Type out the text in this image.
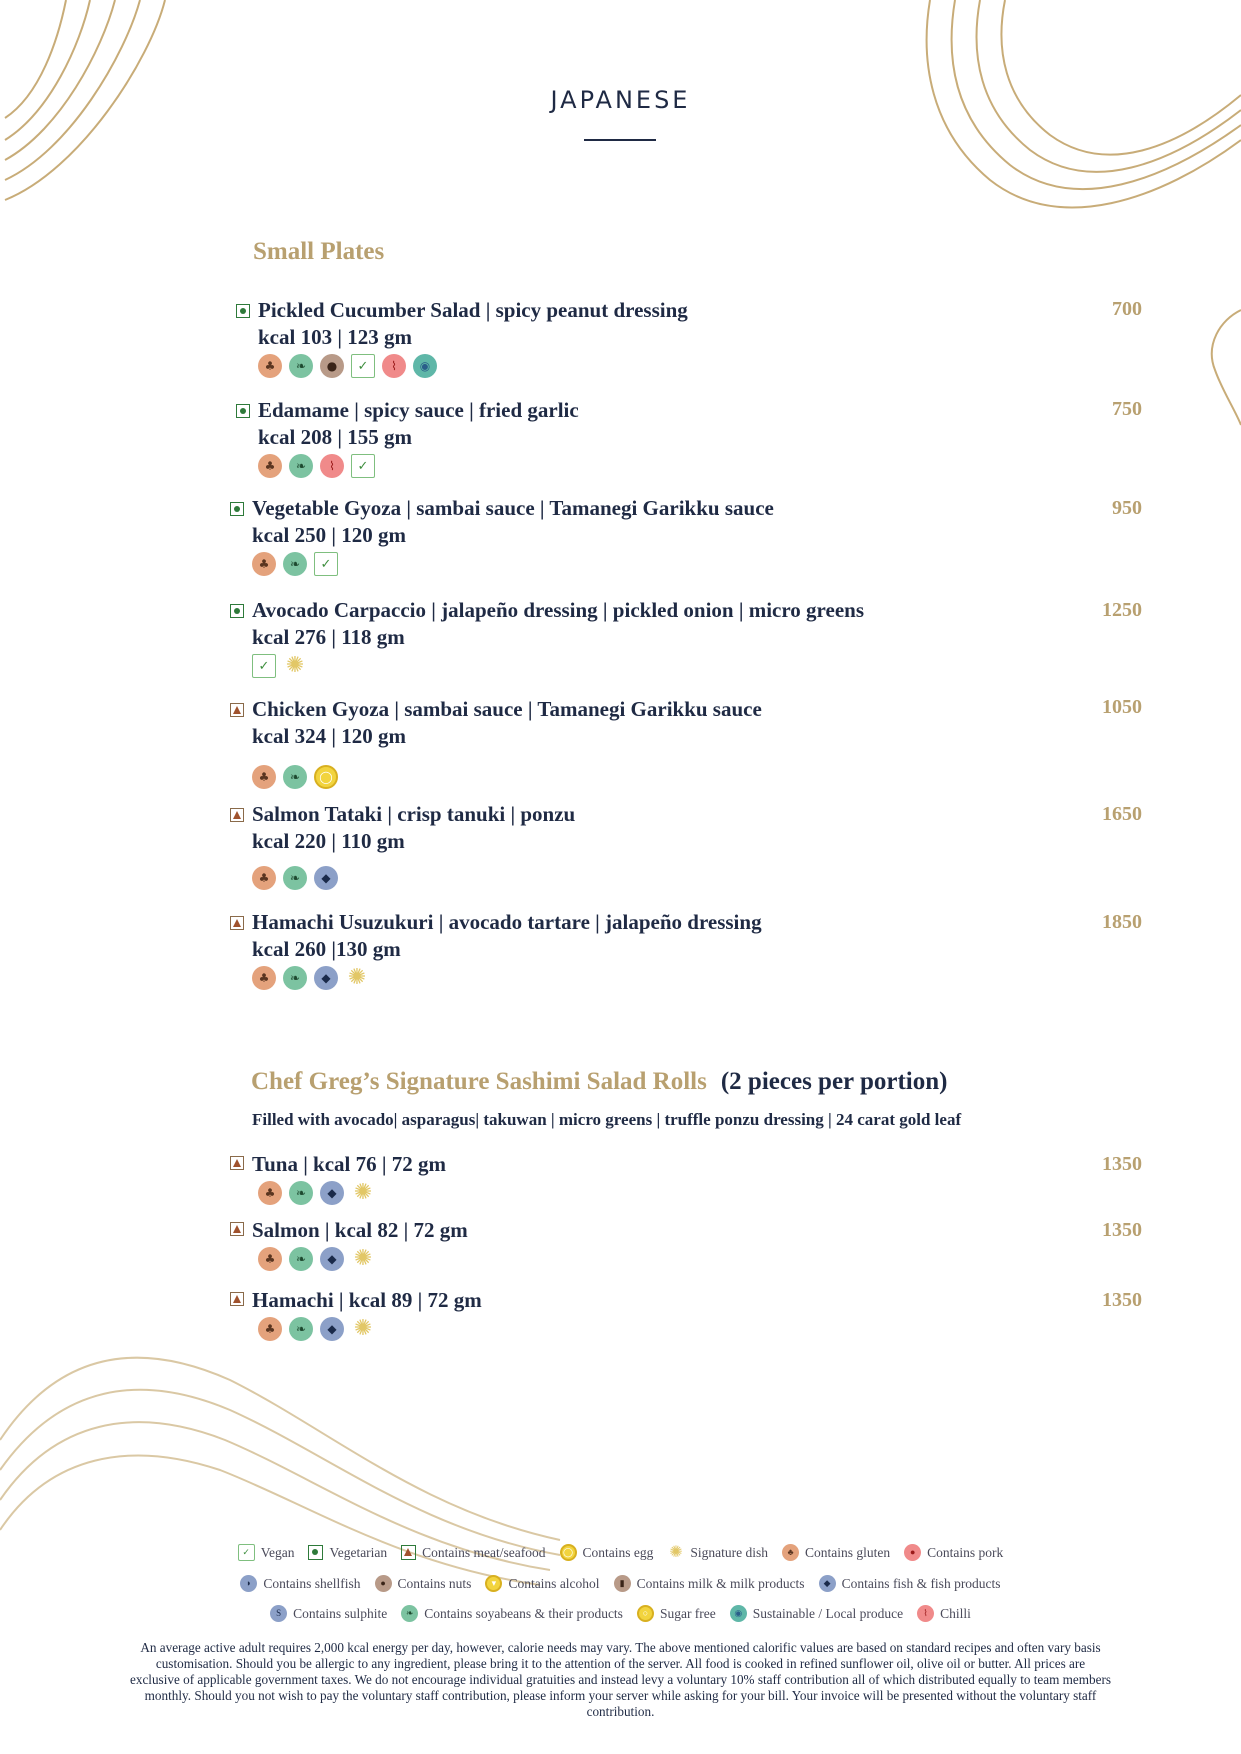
JAPANESE
Small Plates
Pickled Cucumber Salad | spicy peanut dressing
kcal 103 | 123 gm
♣	❧	●	✓	⌇	◉
700
Edamame | spicy sauce | fried garlic
kcal 208 | 155 gm
♣	❧	⌇	✓
750
Vegetable Gyoza | sambai sauce | Tamanegi Garikku sauce
kcal 250 | 120 gm
♣	❧	✓
950
Avocado Carpaccio | jalapeño dressing | pickled onion | micro greens
kcal 276 | 118 gm
✓ ✺
1250
Chicken Gyoza | sambai sauce | Tamanegi Garikku sauce
kcal 324 | 120 gm
♣	❧	◯
1050
Salmon Tataki | crisp tanuki | ponzu
kcal 220 | 110 gm
♣	❧	◆
1650
Hamachi Usuzukuri | avocado tartare | jalapeño dressing
kcal 260 |130 gm
♣	❧	◆ ✺
1850
Chef Greg’s Signature Sashimi Salad Rolls (2 pieces per portion)
Filled with avocado| asparagus| takuwan | micro greens | truffle ponzu dressing | 24 carat gold leaf
Tuna | kcal 76 | 72 gm
♣	❧	◆ ✺
1350
Salmon | kcal 82 | 72 gm
♣	❧	◆ ✺
1350
Hamachi | kcal 89 | 72 gm
♣	❧	◆ ✺
1350
✓ Vegan	Vegetarian	Contains meat/seafood	◯ Contains egg ✺ Signature dish	♣ Contains gluten	● Contains pork
◗ Contains shellfish	● Contains nuts	▾ Contains alcohol	▮ Contains milk & milk products	◆ Contains fish & fish products
S Contains sulphite	❧ Contains soyabeans & their products	○ Sugar free	◉ Sustainable / Local produce	⌇ Chilli
An average active adult requires 2,000 kcal energy per day, however, calorie needs may vary. The above mentioned calorific values are based on standard recipes and often vary basis customisation. Should you be allergic to any ingredient, please bring it to the attention of the server. All food is cooked in refined sunflower oil, olive oil or butter. All prices are exclusive of applicable government taxes. We do not encourage individual gratuities and instead levy a voluntary 10% staff contribution all of which distributed equally to team members monthly. Should you not wish to pay the voluntary staff contribution, please inform your server while asking for your bill. Your invoice will be presented without the voluntary staff contribution.
